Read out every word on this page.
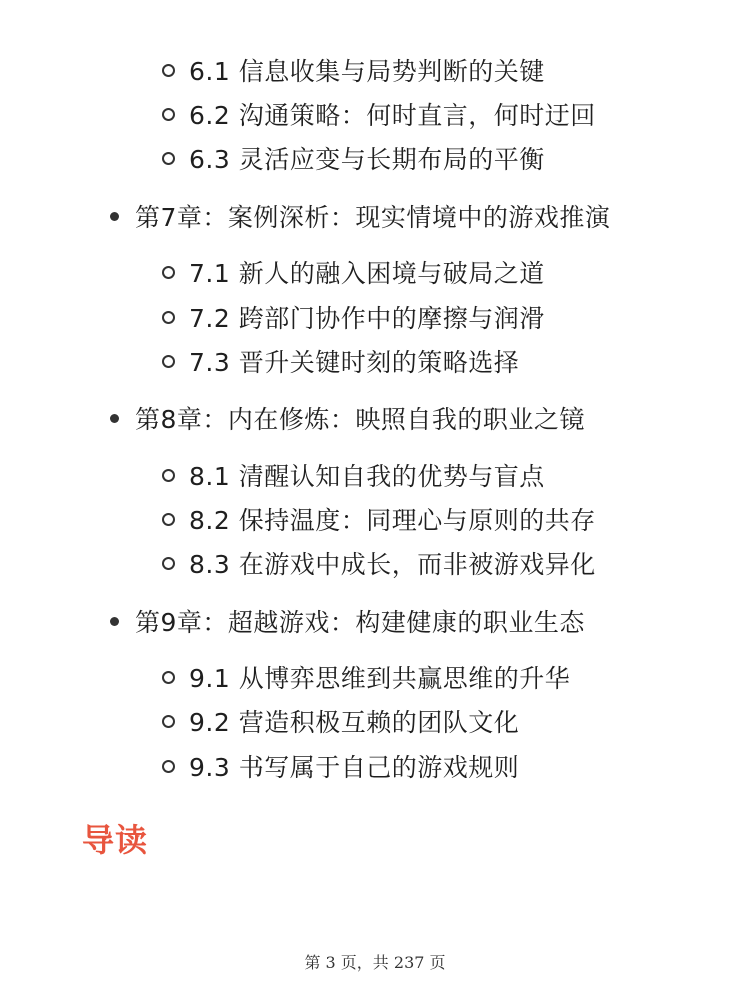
6.1 信息收集与局势判断的关键
6.2 沟通策略：何时直言，何时迂回
6.3 灵活应变与长期布局的平衡
第7章：案例深析：现实情境中的游戏推演
7.1 新人的融入困境与破局之道
7.2 跨部门协作中的摩擦与润滑
7.3 晋升关键时刻的策略选择
第8章：内在修炼：映照自我的职业之镜
8.1 清醒认知自我的优势与盲点
8.2 保持温度：同理心与原则的共存
8.3 在游戏中成长，而非被游戏异化
第9章：超越游戏：构建健康的职业生态
9.1 从博弈思维到共赢思维的升华
9.2 营造积极互赖的团队文化
9.3 书写属于自己的游戏规则
导读
第 3 页，共 237 页
